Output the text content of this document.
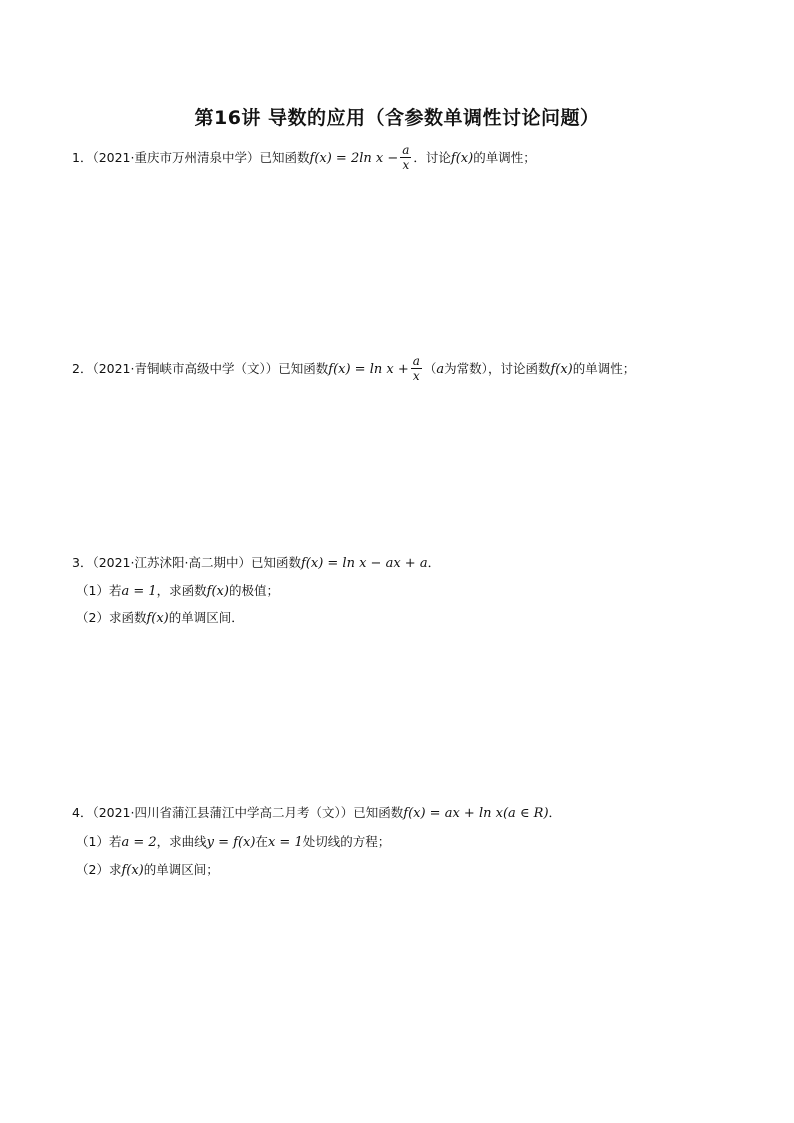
第16讲 导数的应用（含参数单调性讨论问题）
1．（2021·重庆市万州清泉中学）已知函数f(x) = 2ln $x - \frac{a}{x}$ ．讨论f(x)的单调性；
2．（2021·青铜峡市高级中学（文））已知函数$f(x) = \ln x + \frac{a}{x} (a$为常数），讨论函数f(x)的单调性；
3．（2021·江苏沭阳·高二期中）已知函数f(x) = ln x − ax + a．
（1）若a = 1，求函数f(x)的极值；
（2）求函数f(x)的单调区间．
4．（2021·四川省蒲江县蒲江中学高二月考（文））已知函数f(x) = ax + ln x(a ∈ R)．
（1）若a = 2，求曲线y = f(x)在x = 1处切线的方程；
（2）求f(x)的单调区间；
